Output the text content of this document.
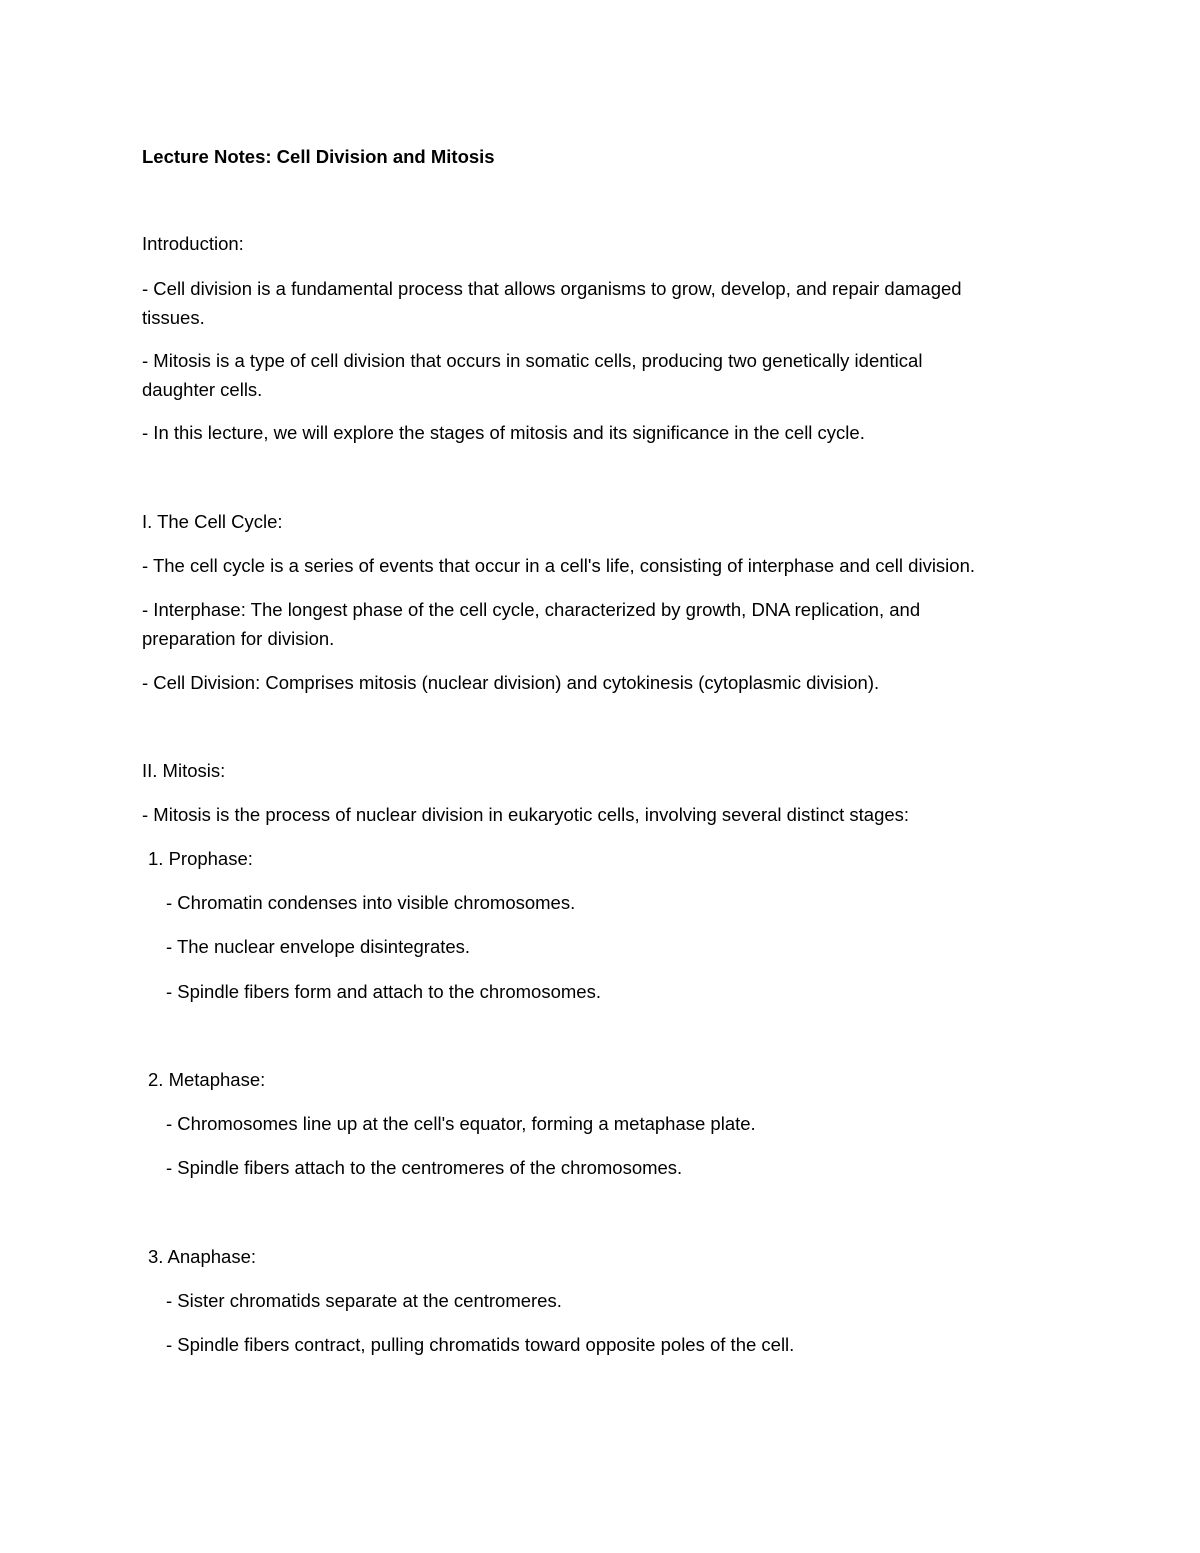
Lecture Notes: Cell Division and Mitosis
Introduction:
- Cell division is a fundamental process that allows organisms to grow, develop, and repair damaged
tissues.
- Mitosis is a type of cell division that occurs in somatic cells, producing two genetically identical
daughter cells.
- In this lecture, we will explore the stages of mitosis and its significance in the cell cycle.
I. The Cell Cycle:
- The cell cycle is a series of events that occur in a cell's life, consisting of interphase and cell division.
- Interphase: The longest phase of the cell cycle, characterized by growth, DNA replication, and
preparation for division.
- Cell Division: Comprises mitosis (nuclear division) and cytokinesis (cytoplasmic division).
II. Mitosis:
- Mitosis is the process of nuclear division in eukaryotic cells, involving several distinct stages:
1. Prophase:
- Chromatin condenses into visible chromosomes.
- The nuclear envelope disintegrates.
- Spindle fibers form and attach to the chromosomes.
2. Metaphase:
- Chromosomes line up at the cell's equator, forming a metaphase plate.
- Spindle fibers attach to the centromeres of the chromosomes.
3. Anaphase:
- Sister chromatids separate at the centromeres.
- Spindle fibers contract, pulling chromatids toward opposite poles of the cell.
